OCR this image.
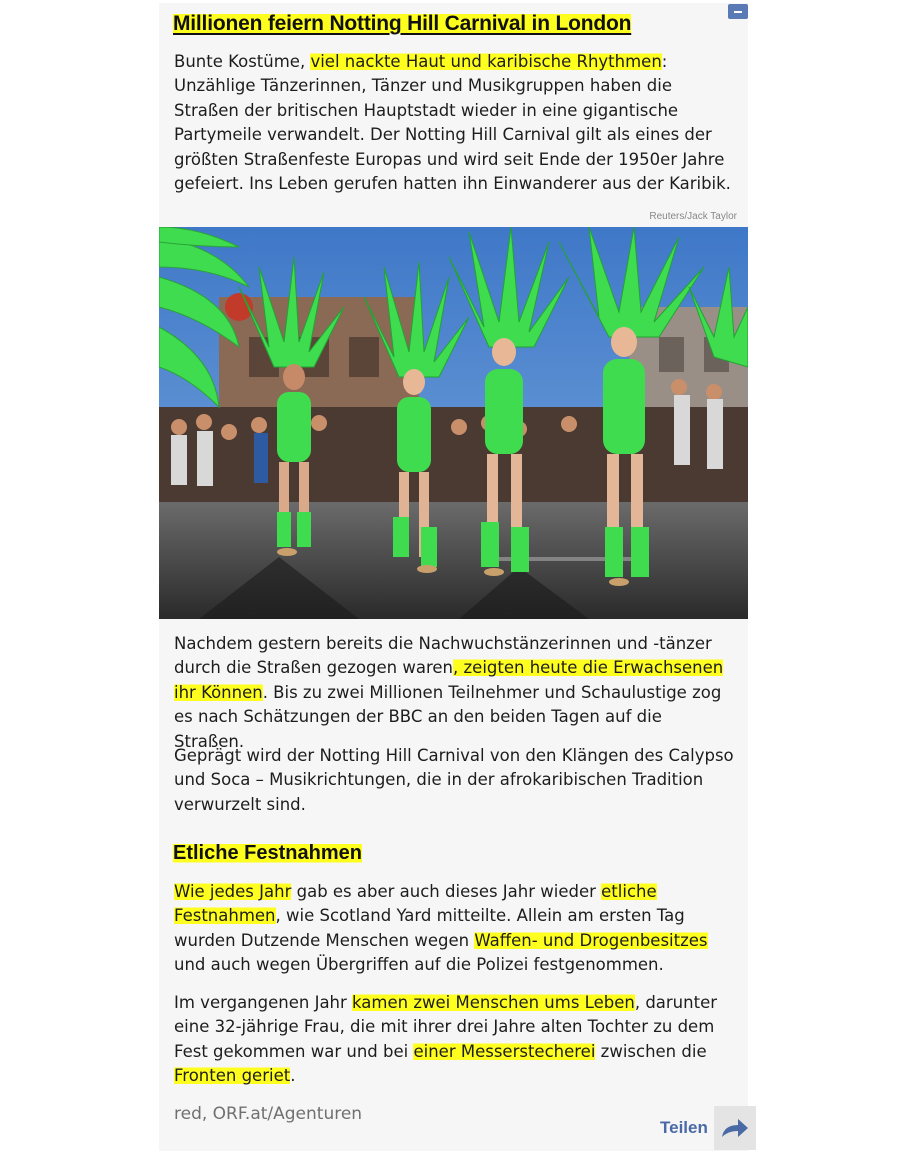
Millionen feiern Notting Hill Carnival in London

Bunte Kostüme, viel nackte Haut und karibische Rhythmen: Unzählige Tänzerinnen, Tänzer und Musikgruppen haben die Straßen der britischen Hauptstadt wieder in eine gigantische Partymeile verwandelt. Der Notting Hill Carnival gilt als eines der größten Straßenfeste Europas und wird seit Ende der 1950er Jahre gefeiert. Ins Leben gerufen hatten ihn Einwanderer aus der Karibik.

Reuters/Jack Taylor

Nachdem gestern bereits die Nachwuchstänzerinnen und -tänzer durch die Straßen gezogen waren, zeigten heute die Erwachsenen ihr Können. Bis zu zwei Millionen Teilnehmer und Schaulustige zog es nach Schätzungen der BBC an den beiden Tagen auf die Straßen.

Geprägt wird der Notting Hill Carnival von den Klängen des Calypso und Soca – Musikrichtungen, die in der afrokaribischen Tradition verwurzelt sind.

Etliche Festnahmen

Wie jedes Jahr gab es aber auch dieses Jahr wieder etliche Festnahmen, wie Scotland Yard mitteilte. Allein am ersten Tag wurden Dutzende Menschen wegen Waffen- und Drogenbesitzes und auch wegen Übergriffen auf die Polizei festgenommen.

Im vergangenen Jahr kamen zwei Menschen ums Leben, darunter eine 32-jährige Frau, die mit ihrer drei Jahre alten Tochter zu dem Fest gekommen war und bei einer Messerstecherei zwischen die Fronten geriet.

red, ORF.at/Agenturen
Teilen
